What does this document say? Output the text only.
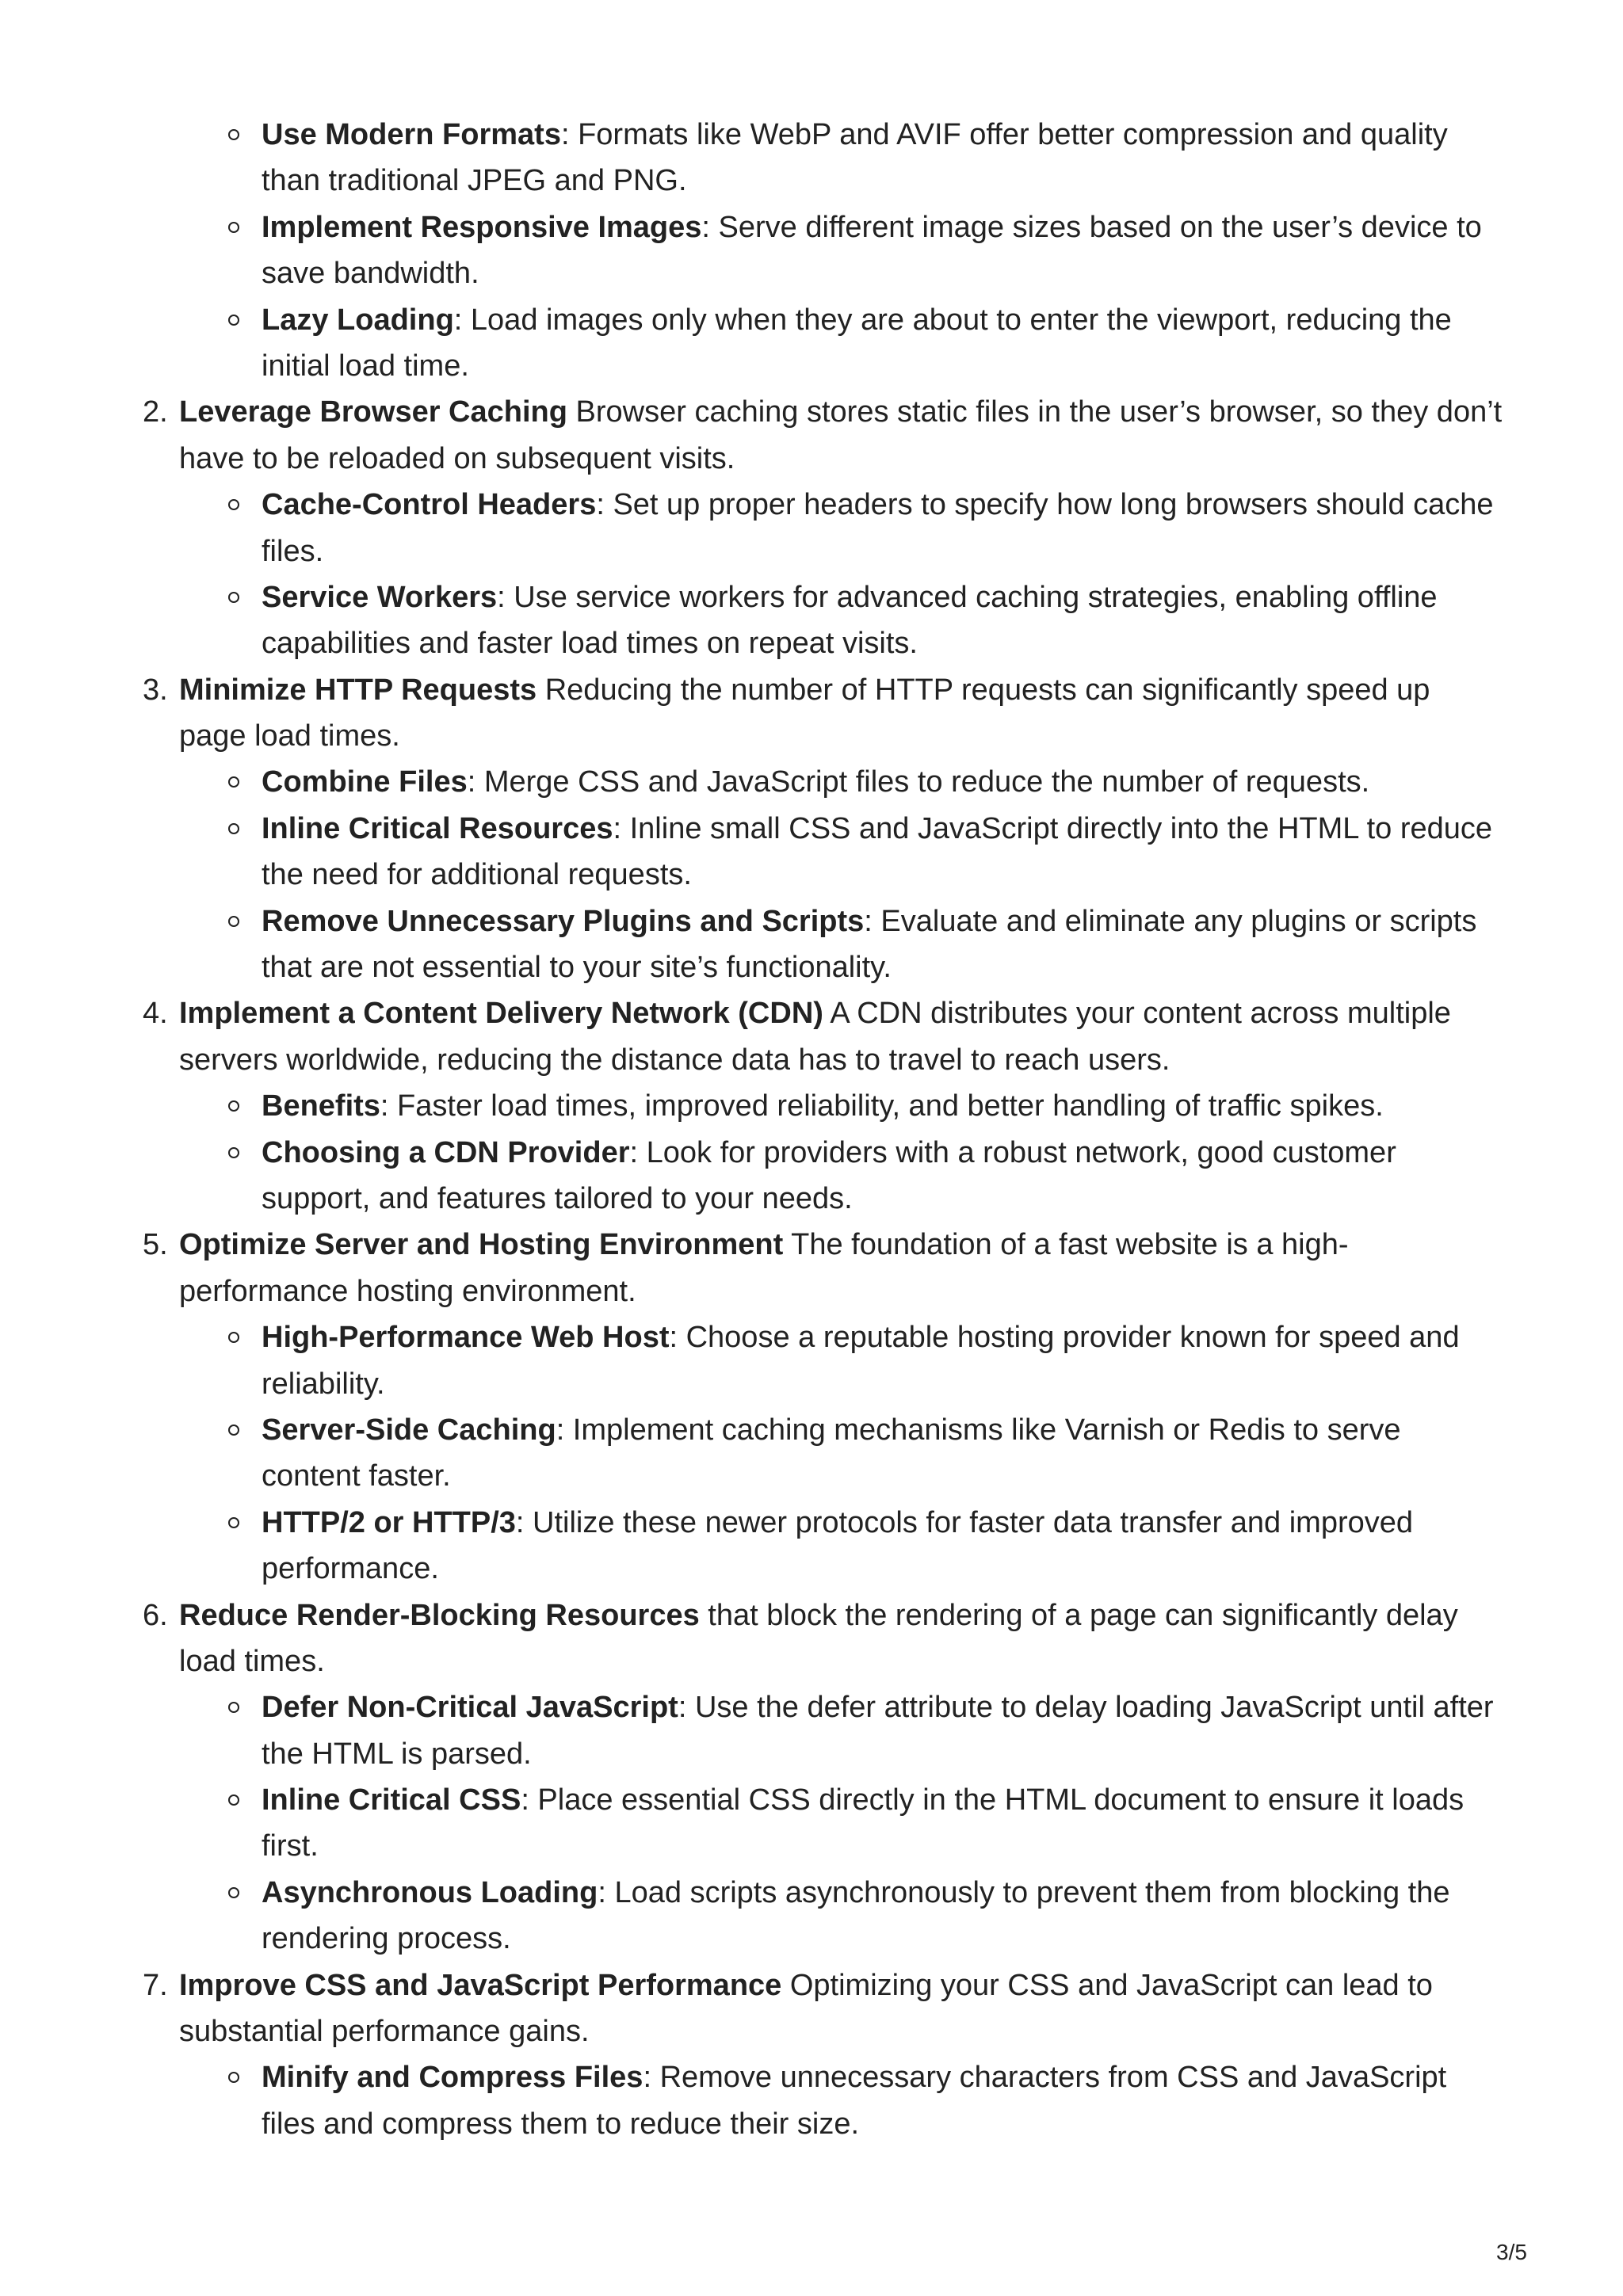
Use Modern Formats: Formats like WebP and AVIF offer better compression and quality
than traditional JPEG and PNG.
Implement Responsive Images: Serve different image sizes based on the user’s device to
save bandwidth.
Lazy Loading: Load images only when they are about to enter the viewport, reducing the
initial load time.
2. Leverage Browser Caching Browser caching stores static files in the user’s browser, so they don’t
have to be reloaded on subsequent visits.
Cache-Control Headers: Set up proper headers to specify how long browsers should cache
files.
Service Workers: Use service workers for advanced caching strategies, enabling offline
capabilities and faster load times on repeat visits.
3. Minimize HTTP Requests Reducing the number of HTTP requests can significantly speed up
page load times.
Combine Files: Merge CSS and JavaScript files to reduce the number of requests.
Inline Critical Resources: Inline small CSS and JavaScript directly into the HTML to reduce
the need for additional requests.
Remove Unnecessary Plugins and Scripts: Evaluate and eliminate any plugins or scripts
that are not essential to your site’s functionality.
4. Implement a Content Delivery Network (CDN) A CDN distributes your content across multiple
servers worldwide, reducing the distance data has to travel to reach users.
Benefits: Faster load times, improved reliability, and better handling of traffic spikes.
Choosing a CDN Provider: Look for providers with a robust network, good customer
support, and features tailored to your needs.
5. Optimize Server and Hosting Environment The foundation of a fast website is a high-
performance hosting environment.
High-Performance Web Host: Choose a reputable hosting provider known for speed and
reliability.
Server-Side Caching: Implement caching mechanisms like Varnish or Redis to serve
content faster.
HTTP/2 or HTTP/3: Utilize these newer protocols for faster data transfer and improved
performance.
6. Reduce Render-Blocking Resources that block the rendering of a page can significantly delay
load times.
Defer Non-Critical JavaScript: Use the defer attribute to delay loading JavaScript until after
the HTML is parsed.
Inline Critical CSS: Place essential CSS directly in the HTML document to ensure it loads
first.
Asynchronous Loading: Load scripts asynchronously to prevent them from blocking the
rendering process.
7. Improve CSS and JavaScript Performance Optimizing your CSS and JavaScript can lead to
substantial performance gains.
Minify and Compress Files: Remove unnecessary characters from CSS and JavaScript
files and compress them to reduce their size.
3/5
